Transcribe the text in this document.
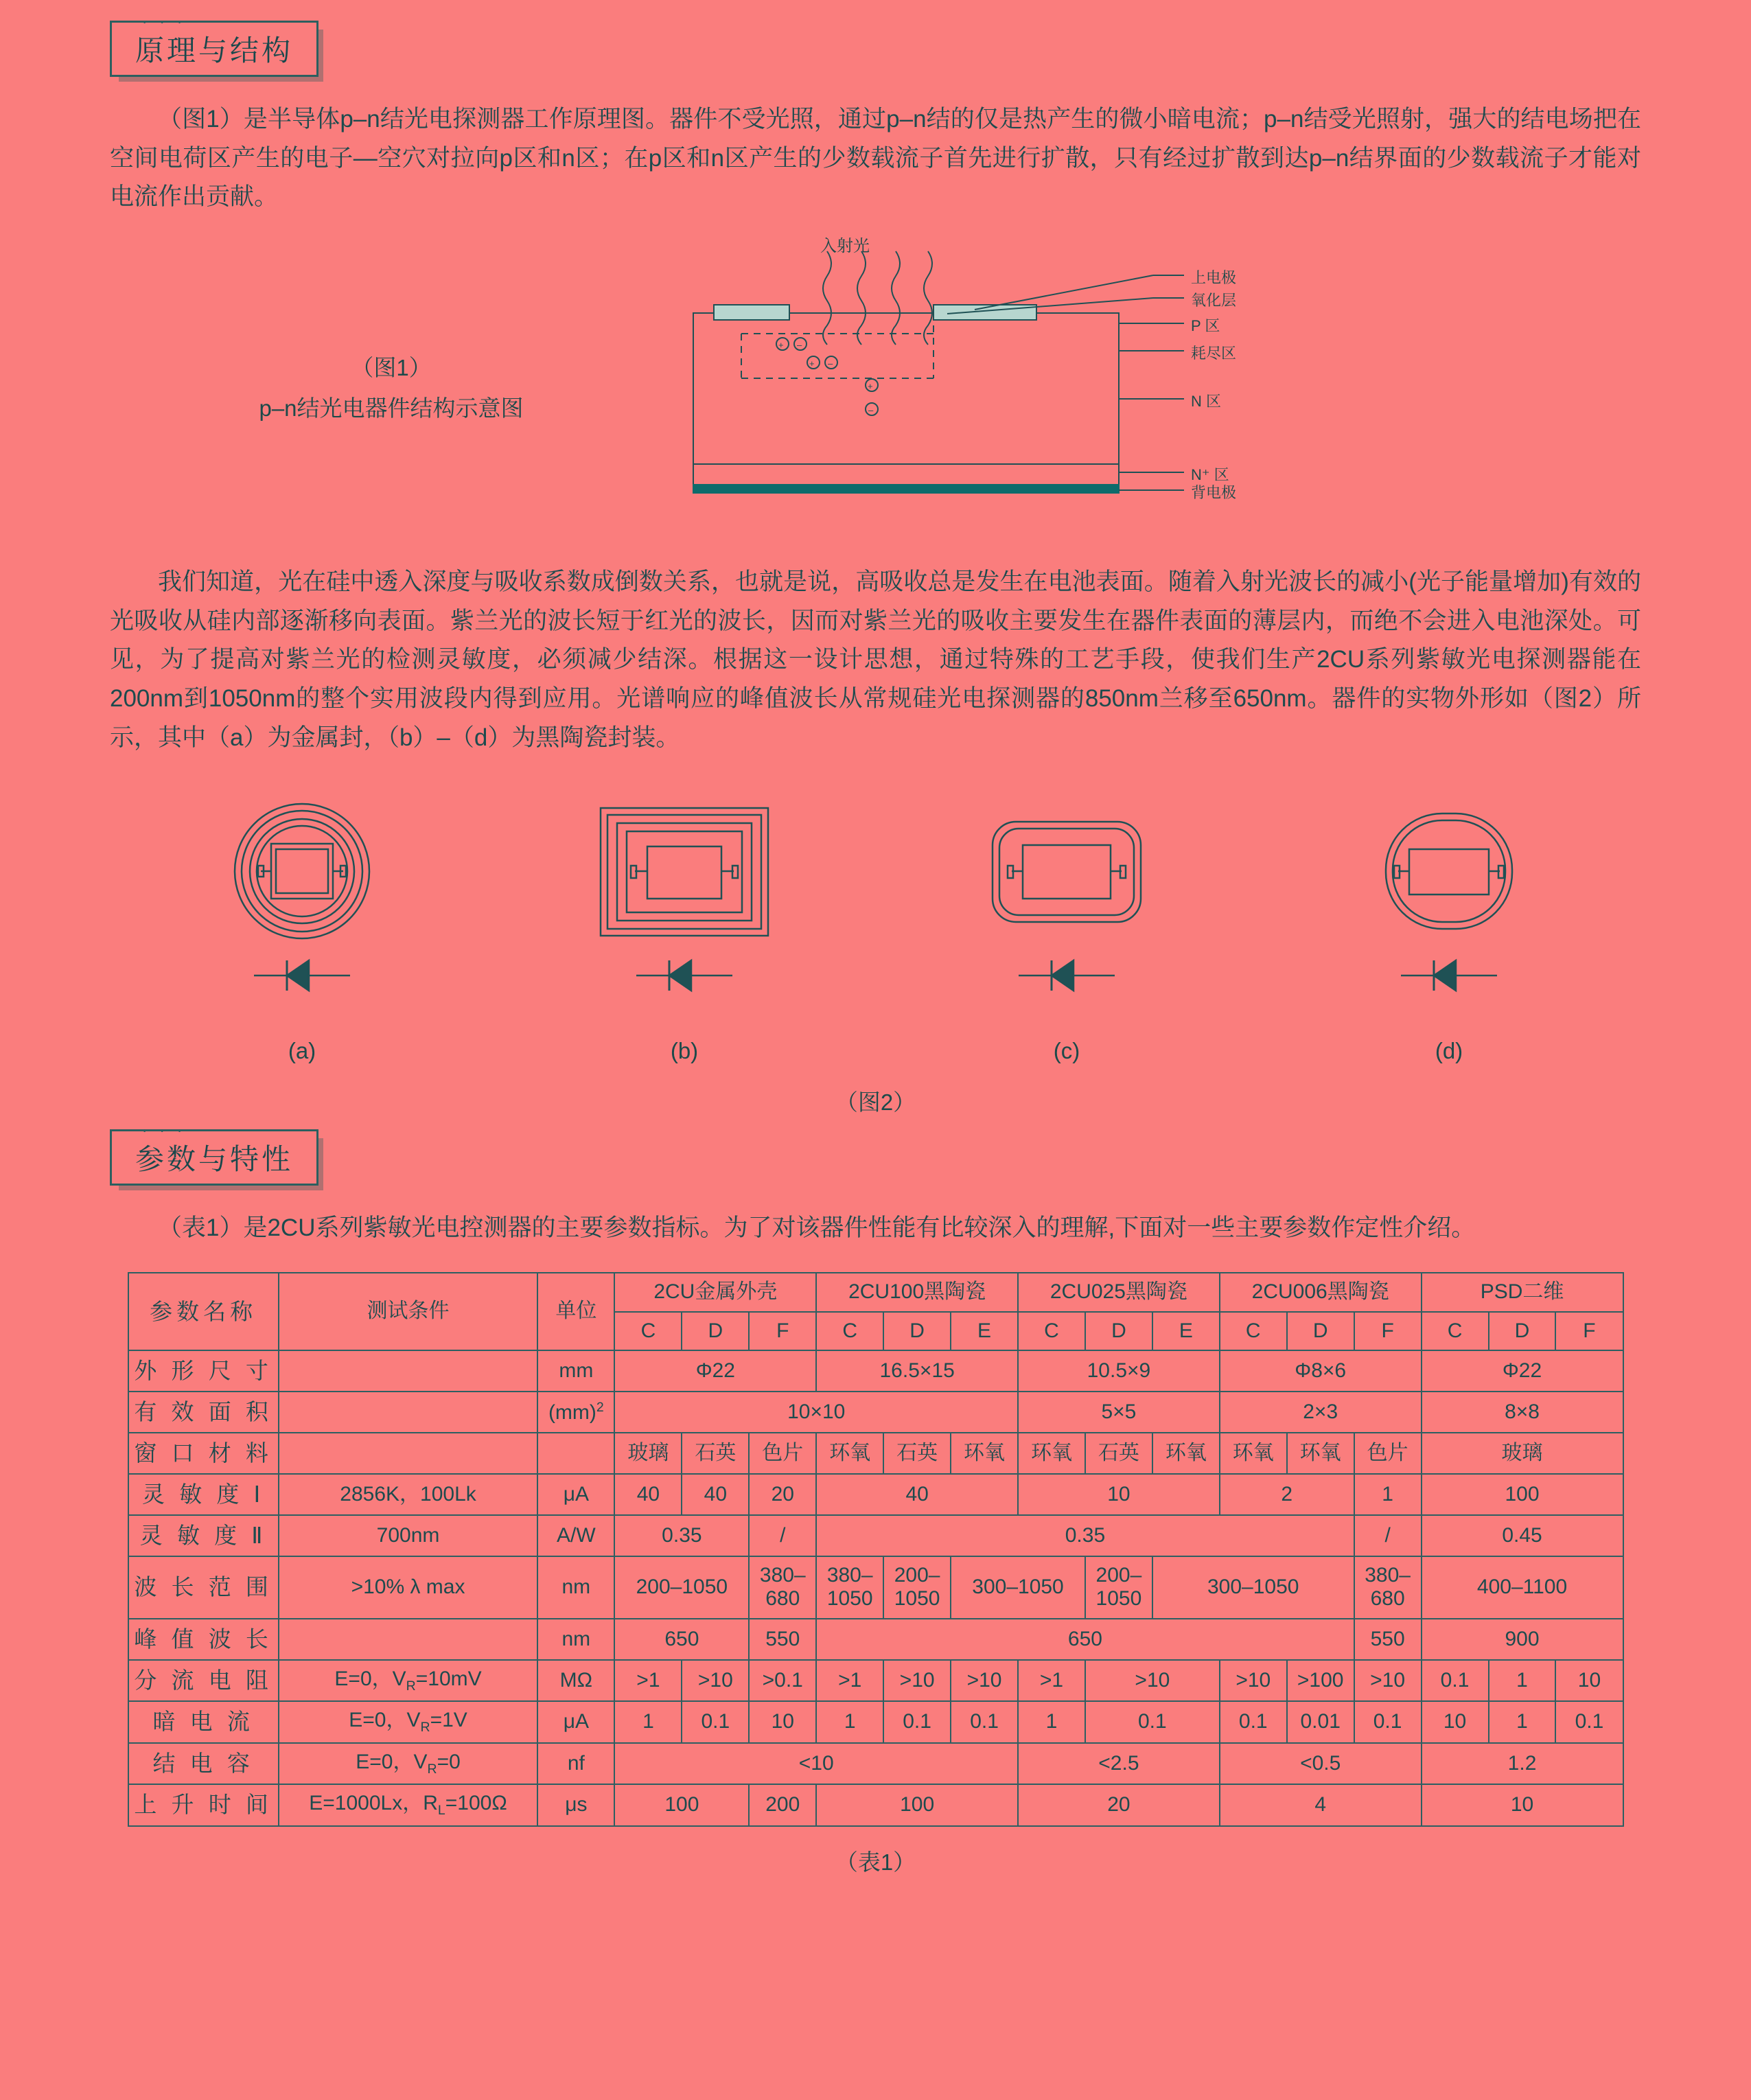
· · ·
原理与结构

（图1）是半导体p–n结光电探测器工作原理图。器件不受光照，通过p–n结的仅是热产生的微小暗电流；p–n结受光照射，强大的结电场把在空间电荷区产生的电子—空穴对拉向p区和n区；在p区和n区产生的少数载流子首先进行扩散，只有经过扩散到达p–n结界面的少数载流子才能对电流作出贡献。

（图1）
p–n结光电器件结构示意图
+ –
+ –
+
–
入射光
上电极
氧化层
P 区
耗尽区
N 区
N⁺ 区
背电极

我们知道，光在硅中透入深度与吸收系数成倒数关系，也就是说，高吸收总是发生在电池表面。随着入射光波长的减小(光子能量增加)有效的光吸收从硅内部逐渐移向表面。紫兰光的波长短于红光的波长，因而对紫兰光的吸收主要发生在器件表面的薄层内，而绝不会进入电池深处。可见，为了提高对紫兰光的检测灵敏度，必须减少结深。根据这一设计思想，通过特殊的工艺手段，使我们生产2CU系列紫敏光电探测器能在200nm到1050nm的整个实用波段内得到应用。光谱响应的峰值波长从常规硅光电探测器的850nm兰移至650nm。器件的实物外形如（图2）所示，其中（a）为金属封，（b）–（d）为黑陶瓷封装。

(a)	(b)	(c)	(d)
（图2）
· · ·
参数与特性

（表1）是2CU系列紫敏光电控测器的主要参数指标。为了对该器件性能有比较深入的理解,下面对一些主要参数作定性介绍。

参数名称	测试条件	单位	2CU金属外壳			2CU100黑陶瓷			2CU025黑陶瓷			2CU006黑陶瓷			PSD二维		
			C	D	F	C	D	E	C	D	E	C	D	F	C	D	F
外 形 尺 寸		mm	Φ22			16.5×15			10.5×9			Φ8×6			Φ22		
有 效 面 积		(mm)$^2$	10×10						5×5			2×3			8×8		
窗 口 材 料			玻璃	石英	色片	环氧	石英	环氧	环氧	石英	环氧	环氧	环氧	色片	玻璃		
灵 敏 度 Ⅰ	2856K，100Lk	μA	40	40	20	40			10			2		1	100		
灵 敏 度 Ⅱ	700nm	A/W	0.35		/	0.35								/	0.45		
波 长 范 围	>10% λ max	nm	200–1050		380–680	380–1050	200–1050	300–1050		200–1050	300–1050			380–680	400–1100		
峰 值 波 长		nm	650		550	650								550	900		
分 流 电 阻	E=0，$V_R=10mV$	MΩ	>1	>10	>0.1	>1	>10	>10	>1	>10		>10	>100	>10	0.1	1	10
暗 电 流	E=0，$V_R=1V$	μA	1	0.1	10	1	0.1	0.1	1	0.1		0.1	0.01	0.1	10	1	0.1
结 电 容	E=0，$V_R=0$	nf	<10						<2.5			<0.5			1.2		
上 升 时 间	E=1000Lx，$R_L=100\Omega$	μs	100		200	100			20			4			10		
（表1）
